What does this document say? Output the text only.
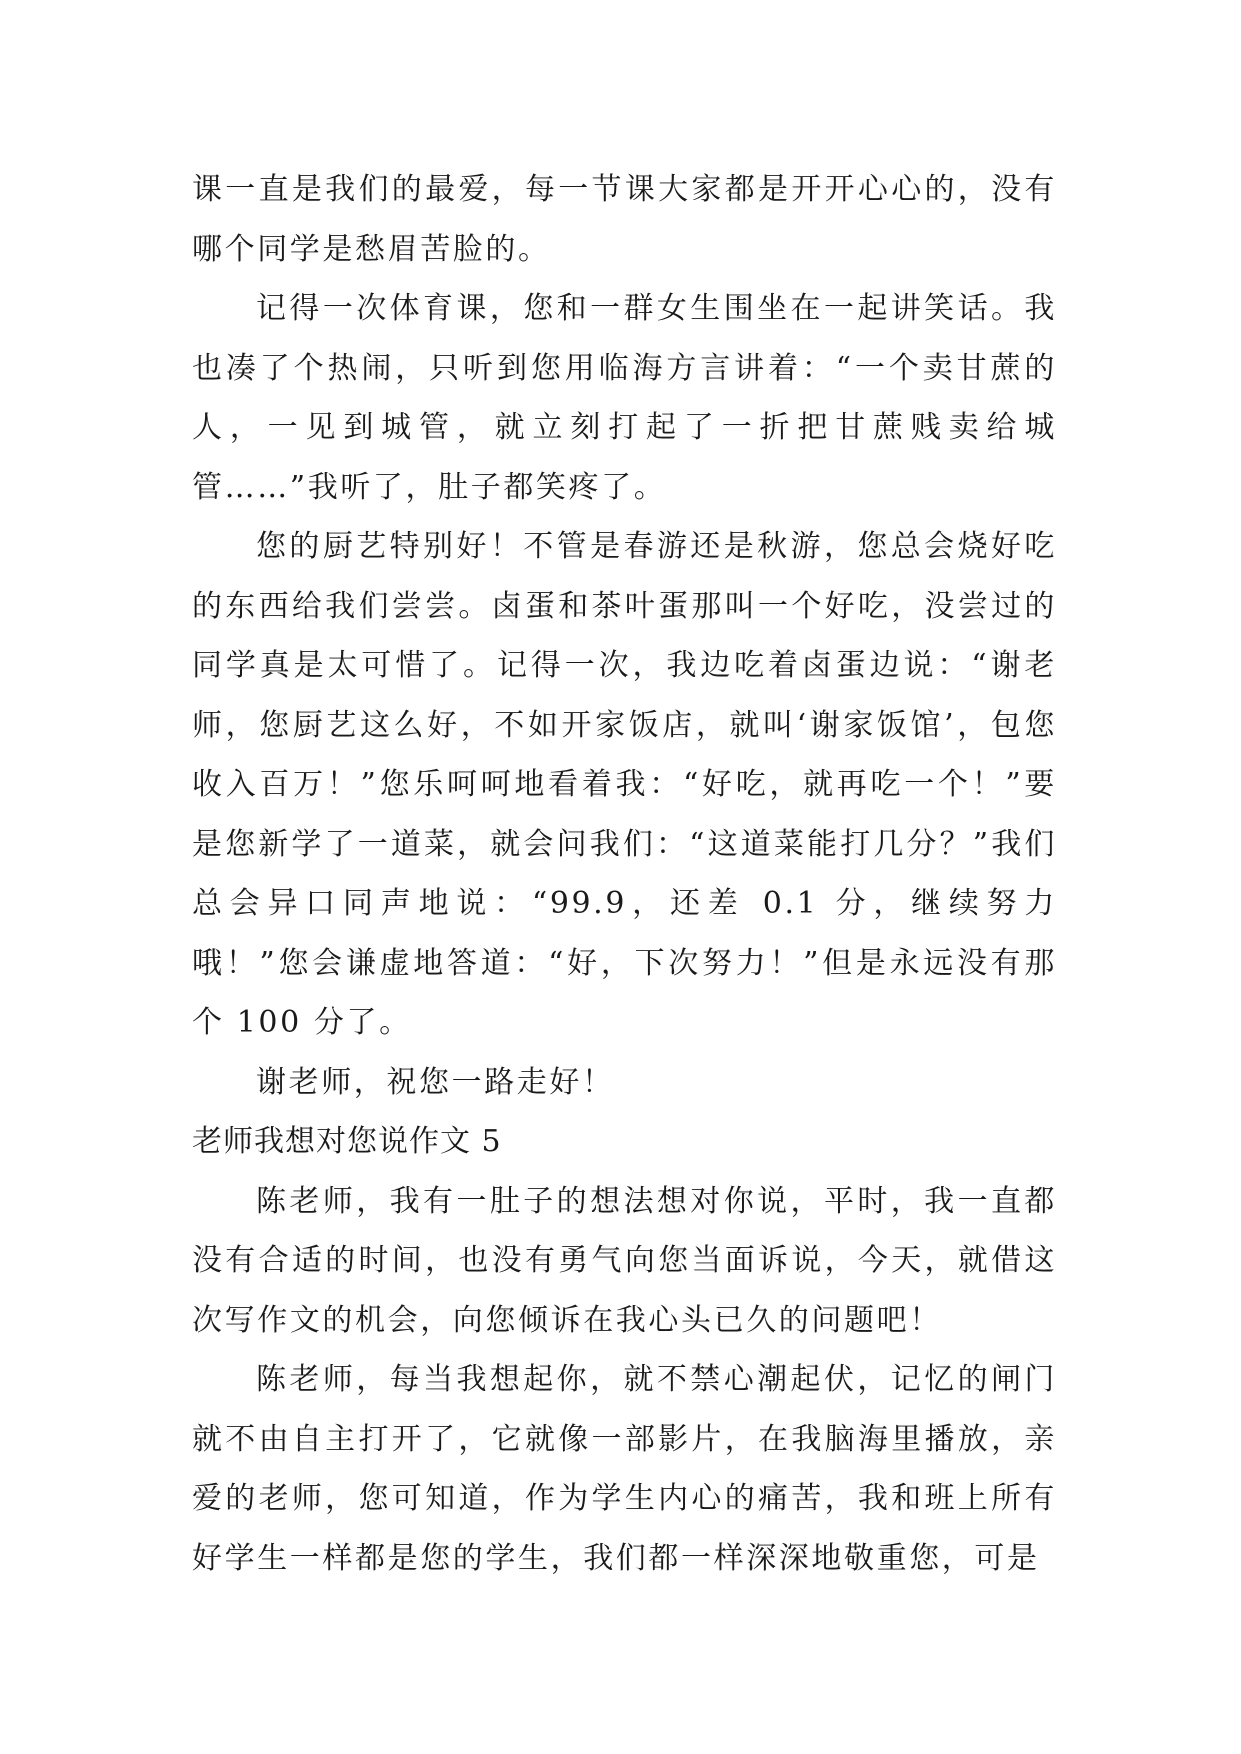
课一直是我们的最爱，每一节课大家都是开开心心的，没有哪个同学是愁眉苦脸的。

记得一次体育课，您和一群女生围坐在一起讲笑话。我也凑了个热闹，只听到您用临海方言讲着：“一个卖甘蔗的人，一见到城管，就立刻打起了一折把甘蔗贱卖给城管……”我听了，肚子都笑疼了。

您的厨艺特别好！不管是春游还是秋游，您总会烧好吃的东西给我们尝尝。卤蛋和茶叶蛋那叫一个好吃，没尝过的同学真是太可惜了。记得一次，我边吃着卤蛋边说：“谢老师，您厨艺这么好，不如开家饭店，就叫‘谢家饭馆’，包您收入百万！”您乐呵呵地看着我：“好吃，就再吃一个！”要是您新学了一道菜，就会问我们：“这道菜能打几分？”我们总会异口同声地说：“99.9，还差 0.1 分，继续努力哦！”您会谦虚地答道：“好，下次努力！”但是永远没有那个 100 分了。

谢老师，祝您一路走好！

老师我想对您说作文 5

陈老师，我有一肚子的想法想对你说，平时，我一直都没有合适的时间，也没有勇气向您当面诉说，今天，就借这次写作文的机会，向您倾诉在我心头已久的问题吧！

陈老师，每当我想起你，就不禁心潮起伏，记忆的闸门就不由自主打开了，它就像一部影片，在我脑海里播放，亲爱的老师，您可知道，作为学生内心的痛苦，我和班上所有好学生一样都是您的学生，我们都一样深深地敬重您，可是
